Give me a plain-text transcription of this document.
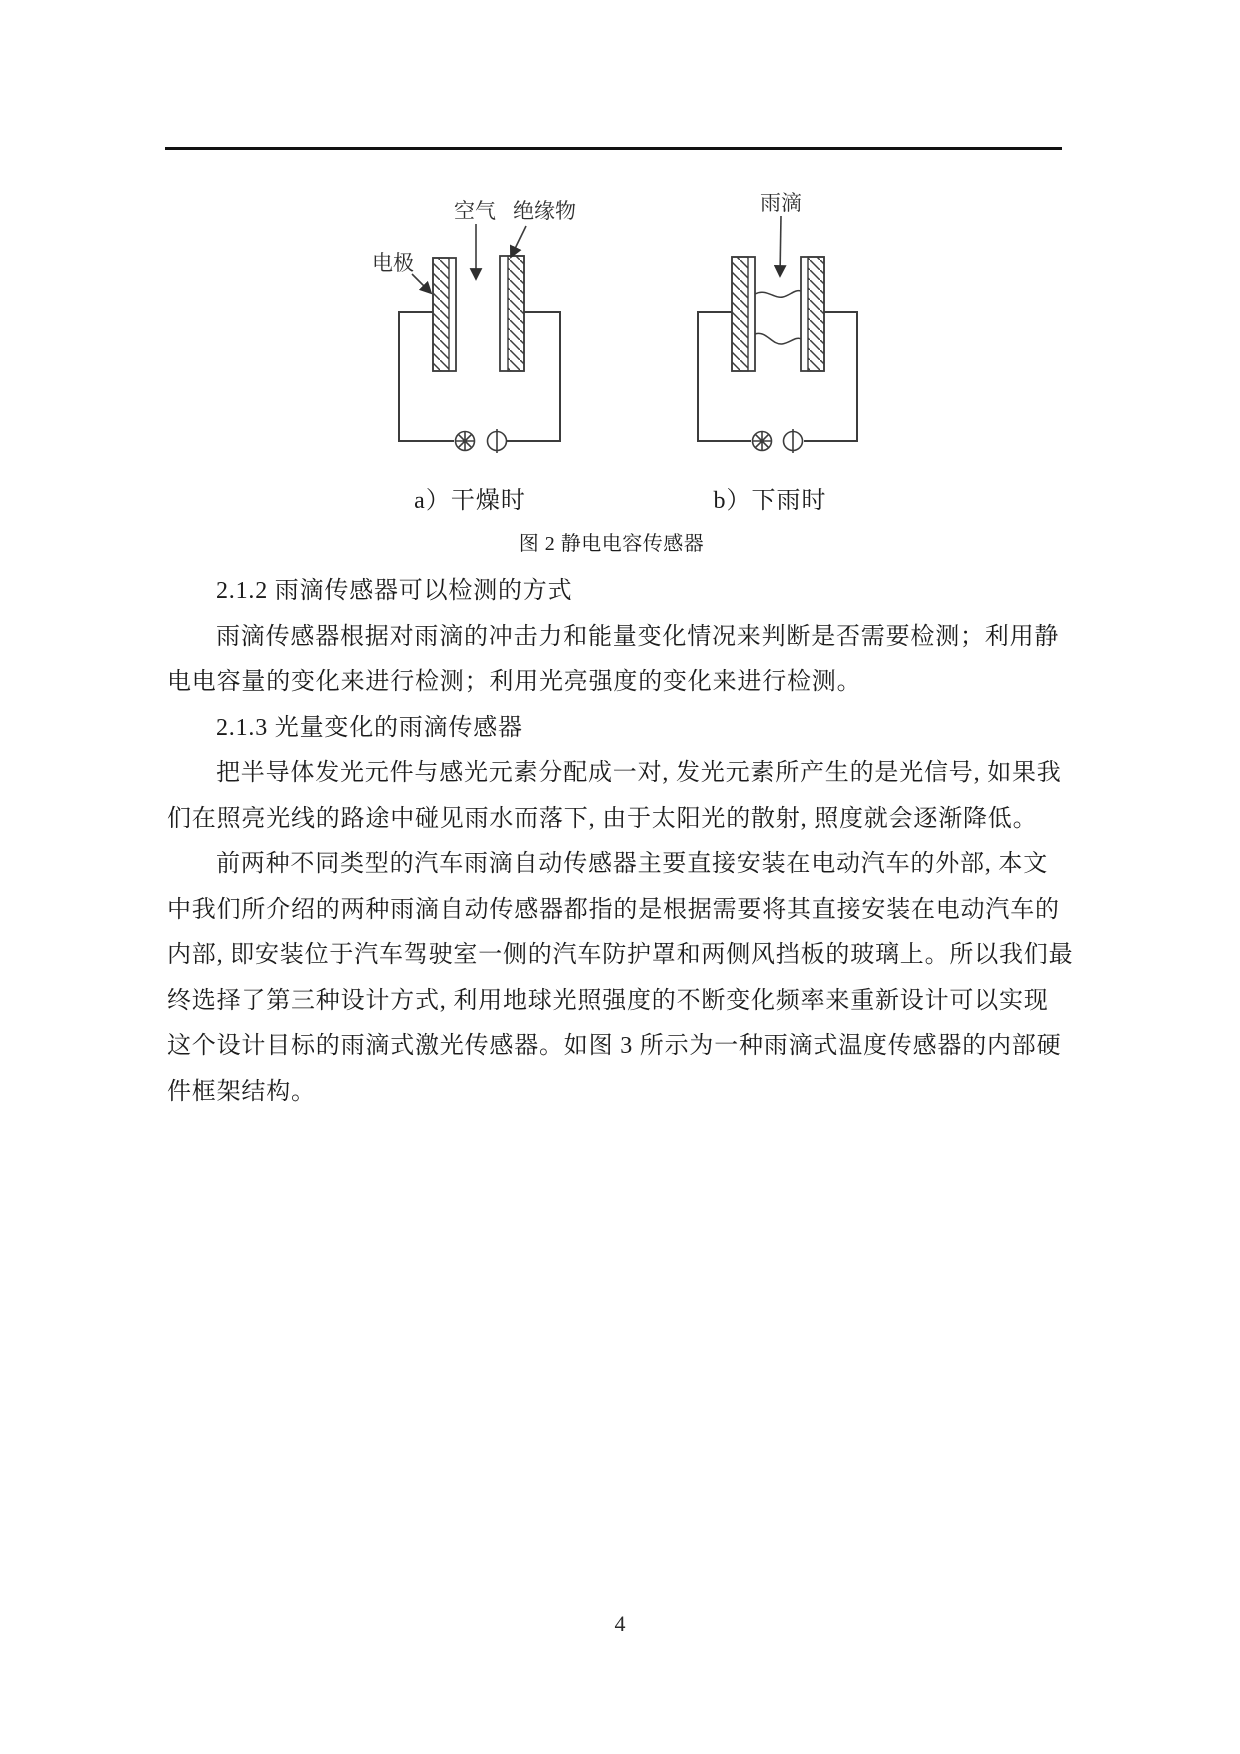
电极
空气 绝缘物	雨滴
a）干燥时	b）下雨时
图 2 静电电容传感器
2.1.2 雨滴传感器可以检测的方式
雨滴传感器根据对雨滴的冲击力和能量变化情况来判断是否需要检测；利用静
电电容量的变化来进行检测；利用光亮强度的变化来进行检测。
2.1.3 光量变化的雨滴传感器
把半导体发光元件与感光元素分配成一对, 发光元素所产生的是光信号, 如果我
们在照亮光线的路途中碰见雨水而落下, 由于太阳光的散射, 照度就会逐渐降低。
前两种不同类型的汽车雨滴自动传感器主要直接安装在电动汽车的外部, 本文
中我们所介绍的两种雨滴自动传感器都指的是根据需要将其直接安装在电动汽车的
内部, 即安装位于汽车驾驶室一侧的汽车防护罩和两侧风挡板的玻璃上。所以我们最
终选择了第三种设计方式, 利用地球光照强度的不断变化频率来重新设计可以实现
这个设计目标的雨滴式激光传感器。如图 3 所示为一种雨滴式温度传感器的内部硬
件框架结构。
4
